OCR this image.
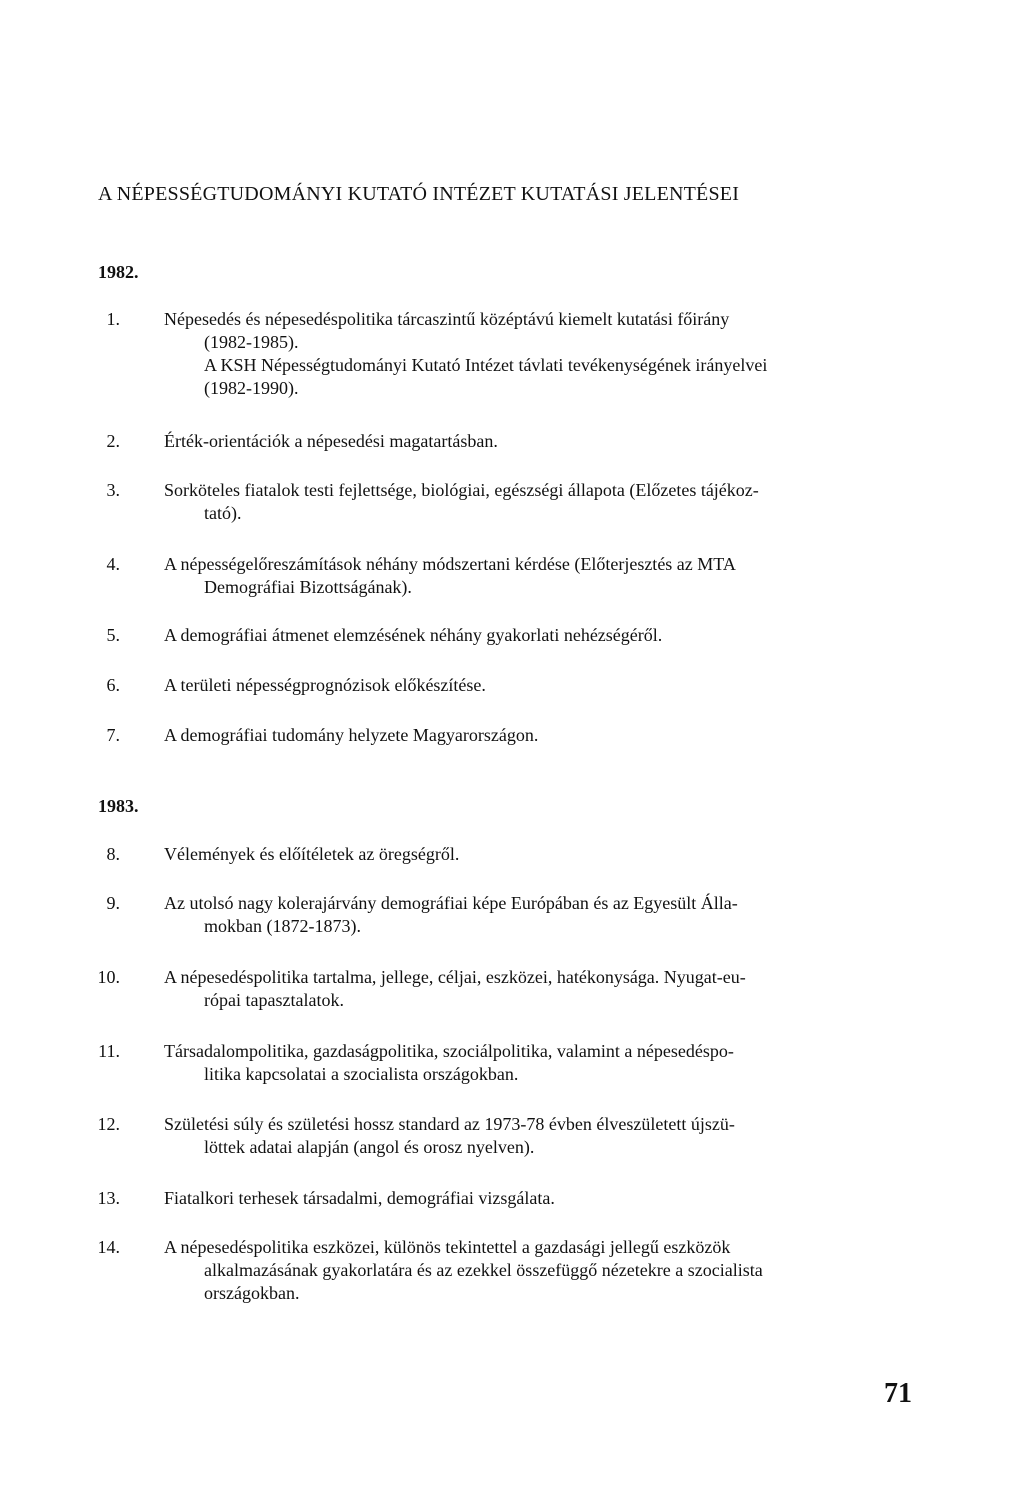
A NÉPESSÉGTUDOMÁNYI KUTATÓ INTÉZET KUTATÁSI JELENTÉSEI
1982.
1. Népesedés és népesedéspolitika tárcaszintű középtávú kiemelt kutatási főirány
(1982-1985).
A KSH Népességtudományi Kutató Intézet távlati tevékenységének irányelvei
(1982-1990).
2. Érték-orientációk a népesedési magatartásban.
3. Sorköteles fiatalok testi fejlettsége, biológiai, egészségi állapota (Előzetes tájékoz-
tató).
4. A népességelőreszámítások néhány módszertani kérdése (Előterjesztés az MTA
Demográfiai Bizottságának).
5. A demográfiai átmenet elemzésének néhány gyakorlati nehézségéről.
6. A területi népességprognózisok előkészítése.
7. A demográfiai tudomány helyzete Magyarországon.
1983.
8. Vélemények és előítéletek az öregségről.
9. Az utolsó nagy kolerajárvány demográfiai képe Európában és az Egyesült Álla-
mokban (1872-1873).
10. A népesedéspolitika tartalma, jellege, céljai, eszközei, hatékonysága. Nyugat-eu-
rópai tapasztalatok.
11. Társadalompolitika, gazdaságpolitika, szociálpolitika, valamint a népesedéspo-
litika kapcsolatai a szocialista országokban.
12. Születési súly és születési hossz standard az 1973-78 évben élveszületett újszü-
löttek adatai alapján (angol és orosz nyelven).
13. Fiatalkori terhesek társadalmi, demográfiai vizsgálata.
14. A népesedéspolitika eszközei, különös tekintettel a gazdasági jellegű eszközök
alkalmazásának gyakorlatára és az ezekkel összefüggő nézetekre a szocialista
országokban.
71
